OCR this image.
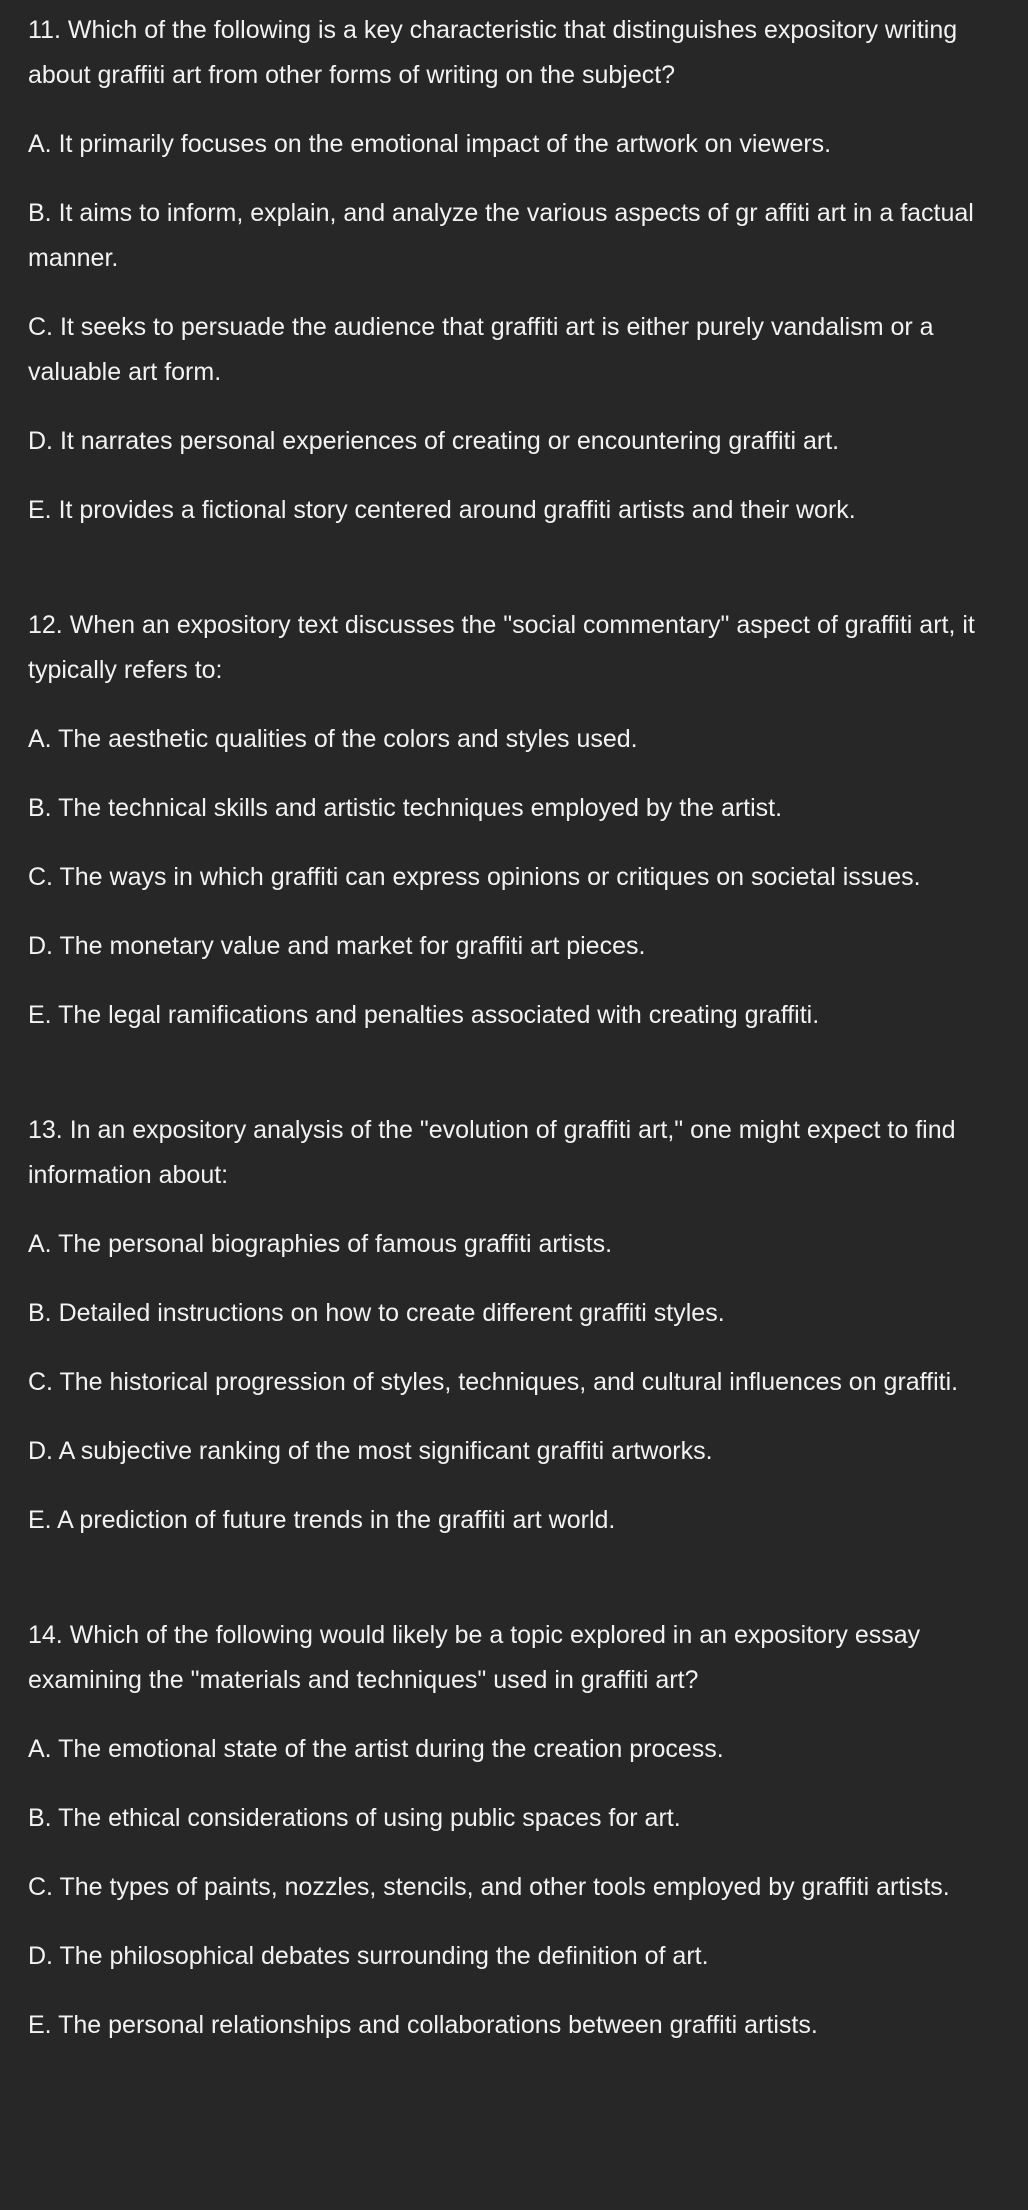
11. Which of the following is a key characteristic that distinguishes expository writing about graffiti art from other forms of writing on the subject?

A. It primarily focuses on the emotional impact of the artwork on viewers.

B. It aims to inform, explain, and analyze the various aspects of gr affiti art in a factual manner.

C. It seeks to persuade the audience that graffiti art is either purely vandalism or a valuable art form.

D. It narrates personal experiences of creating or encountering graffiti art.

E. It provides a fictional story centered around graffiti artists and their work.

12. When an expository text discusses the "social commentary" aspect of graffiti art, it typically refers to:

A. The aesthetic qualities of the colors and styles used.

B. The technical skills and artistic techniques employed by the artist.

C. The ways in which graffiti can express opinions or critiques on societal issues.

D. The monetary value and market for graffiti art pieces.

E. The legal ramifications and penalties associated with creating graffiti.

13. In an expository analysis of the "evolution of graffiti art," one might expect to find information about:

A. The personal biographies of famous graffiti artists.

B. Detailed instructions on how to create different graffiti styles.

C. The historical progression of styles, techniques, and cultural influences on graffiti.

D. A subjective ranking of the most significant graffiti artworks.

E. A prediction of future trends in the graffiti art world.

14. Which of the following would likely be a topic explored in an expository essay examining the "materials and techniques" used in graffiti art?

A. The emotional state of the artist during the creation process.

B. The ethical considerations of using public spaces for art.

C. The types of paints, nozzles, stencils, and other tools employed by graffiti artists.

D. The philosophical debates surrounding the definition of art.

E. The personal relationships and collaborations between graffiti artists.
